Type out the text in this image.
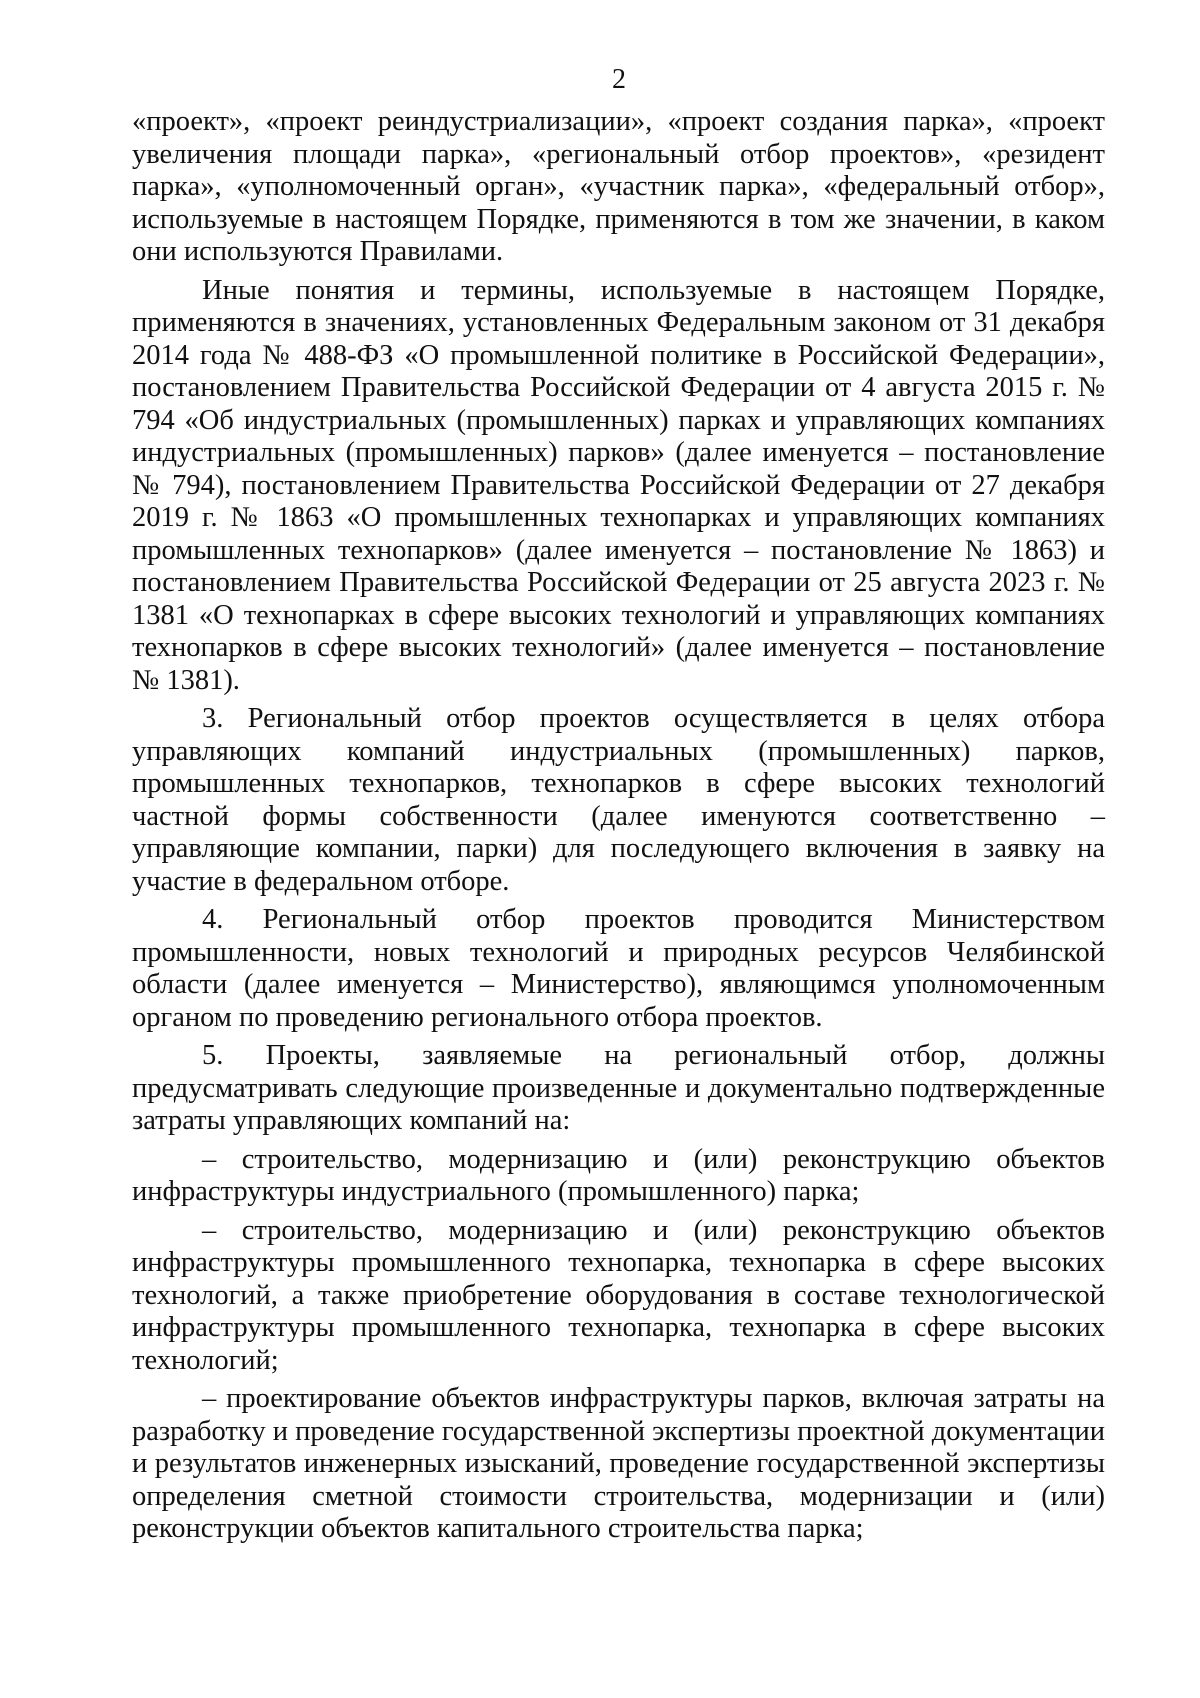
2

«проект», «проект реиндустриализации», «проект создания парка», «проект увеличения площади парка», «региональный отбор проектов», «резидент парка», «уполномоченный орган», «участник парка», «федеральный отбор», используемые в настоящем Порядке, применяются в том же значении, в каком они используются Правилами.

Иные понятия и термины, используемые в настоящем Порядке, применяются в значениях, установленных Федеральным законом от 31 декабря 2014 года № 488-ФЗ «О промышленной политике в Российской Федерации», постановлением Правительства Российской Федерации от 4 августа 2015 г. № 794 «Об индустриальных (промышленных) парках и управляющих компаниях индустриальных (промышленных) парков» (далее именуется – постановление № 794), постановлением Правительства Российской Федерации от 27 декабря 2019 г. № 1863 «О промышленных технопарках и управляющих компаниях промышленных технопарков» (далее именуется – постановление № 1863) и постановлением Правительства Российской Федерации от 25 августа 2023 г. № 1381 «О технопарках в сфере высоких технологий и управляющих компаниях технопарков в сфере высоких технологий» (далее именуется – постановление № 1381).

3. Региональный отбор проектов осуществляется в целях отбора управляющих компаний индустриальных (промышленных) парков, промышленных технопарков, технопарков в сфере высоких технологий частной формы собственности (далее именуются соответственно – управляющие компании, парки) для последующего включения в заявку на участие в федеральном отборе.

4. Региональный отбор проектов проводится Министерством промышленности, новых технологий и природных ресурсов Челябинской области (далее именуется – Министерство), являющимся уполномоченным органом по проведению регионального отбора проектов.

5. Проекты, заявляемые на региональный отбор, должны предусматривать следующие произведенные и документально подтвержденные затраты управляющих компаний на:

– строительство, модернизацию и (или) реконструкцию объектов инфраструктуры индустриального (промышленного) парка;

– строительство, модернизацию и (или) реконструкцию объектов инфраструктуры промышленного технопарка, технопарка в сфере высоких технологий, а также приобретение оборудования в составе технологической инфраструктуры промышленного технопарка, технопарка в сфере высоких технологий;

– проектирование объектов инфраструктуры парков, включая затраты на разработку и проведение государственной экспертизы проектной документации и результатов инженерных изысканий, проведение государственной экспертизы определения сметной стоимости строительства, модернизации и (или) реконструкции объектов капитального строительства парка;
